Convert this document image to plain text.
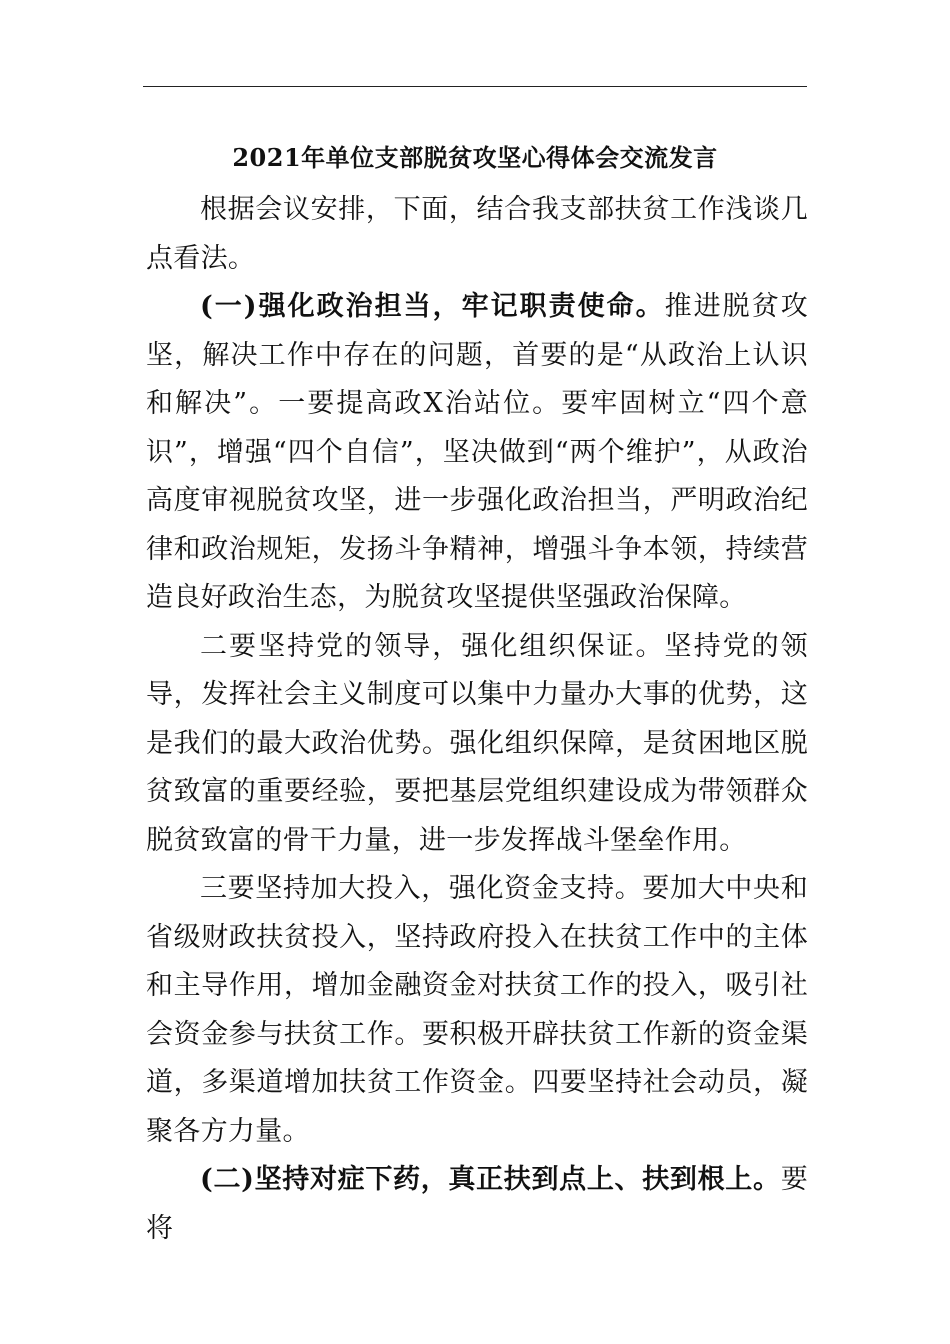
2021年单位支部脱贫攻坚心得体会交流发言

根据会议安排，下面，结合我支部扶贫工作浅谈几点看法。

(一)强化政治担当，牢记职责使命。推进脱贫攻坚，解决工作中存在的问题，首要的是“从政治上认识和解决”。一要提高政X治站位。要牢固树立“四个意识”，增强“四个自信”，坚决做到“两个维护”，从政治高度审视脱贫攻坚，进一步强化政治担当，严明政治纪律和政治规矩，发扬斗争精神，增强斗争本领，持续营造良好政治生态，为脱贫攻坚提供坚强政治保障。

二要坚持党的领导，强化组织保证。坚持党的领导，发挥社会主义制度可以集中力量办大事的优势，这是我们的最大政治优势。强化组织保障，是贫困地区脱贫致富的重要经验，要把基层党组织建设成为带领群众脱贫致富的骨干力量，进一步发挥战斗堡垒作用。

三要坚持加大投入，强化资金支持。要加大中央和省级财政扶贫投入，坚持政府投入在扶贫工作中的主体和主导作用，增加金融资金对扶贫工作的投入，吸引社会资金参与扶贫工作。要积极开辟扶贫工作新的资金渠道，多渠道增加扶贫工作资金。四要坚持社会动员，凝聚各方力量。

(二)坚持对症下药，真正扶到点上、扶到根上。要将
